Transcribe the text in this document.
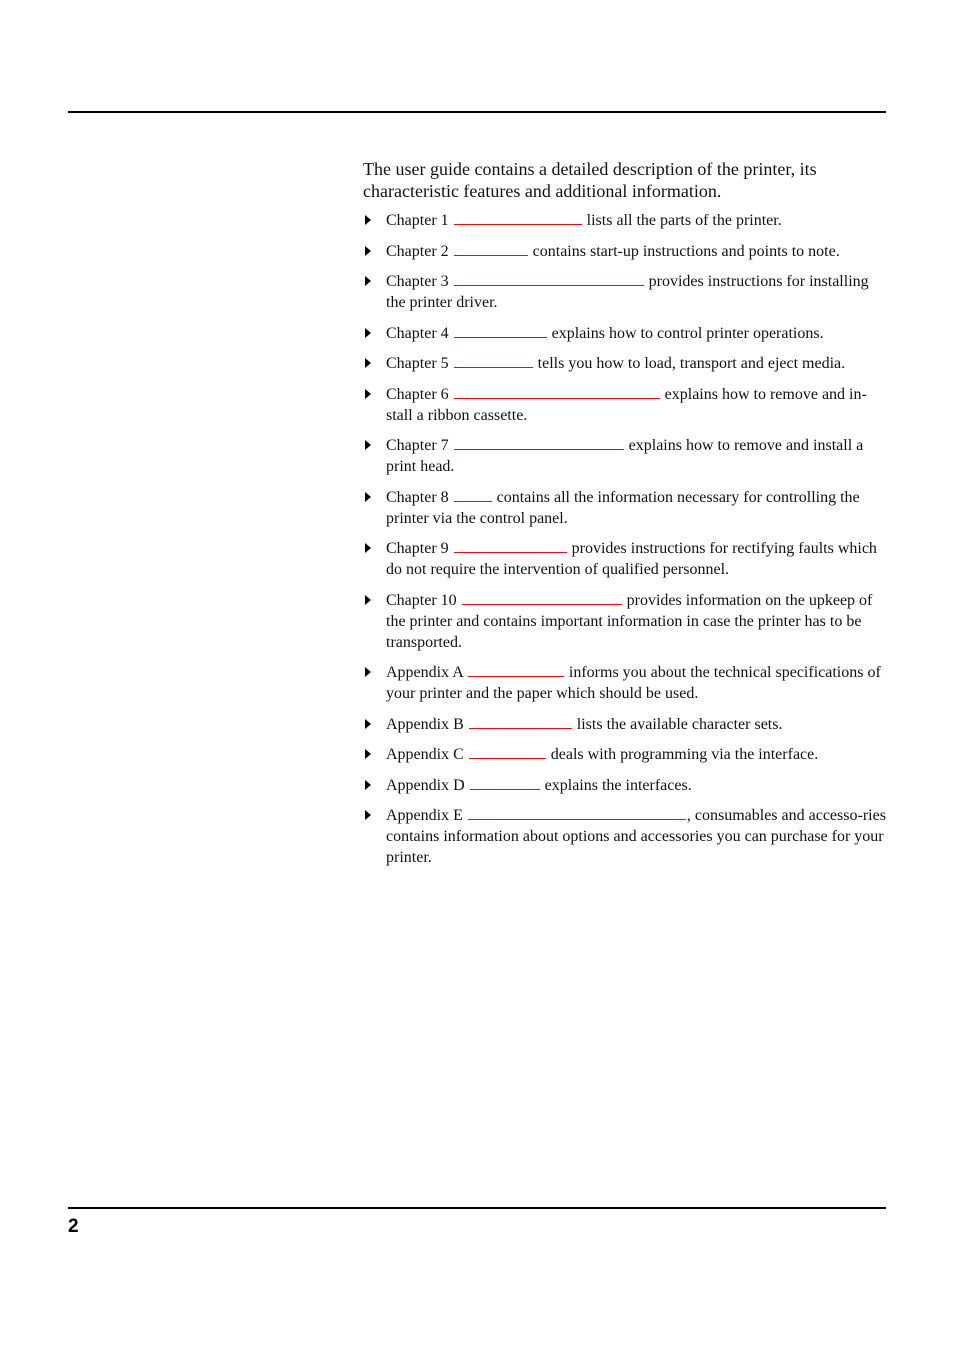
The user guide contains a detailed description of the printer, its characteristic features and additional information.

Chapter 1	lists all the parts of the printer.
Chapter 2	contains start-up instructions and points to note.
Chapter 3	provides instructions for installing the printer driver.
Chapter 4	explains how to control printer operations.
Chapter 5	tells you how to load, transport and eject media.
Chapter 6	explains how to remove and in-stall a ribbon cassette.
Chapter 7	explains how to remove and install a print head.
Chapter 8	contains all the information necessary for controlling the printer via the control panel.
Chapter 9	provides instructions for rectifying faults which do not require the intervention of qualified personnel.
Chapter 10	provides information on the upkeep of the printer and contains important information in case the printer has to be transported.
Appendix A	informs you about the technical specifications of your printer and the paper which should be used.
Appendix B	lists the available character sets.
Appendix C	deals with programming via the interface.
Appendix D	explains the interfaces.
Appendix E	, consumables and accesso-ries contains information about options and accessories you can purchase for your printer.
2
